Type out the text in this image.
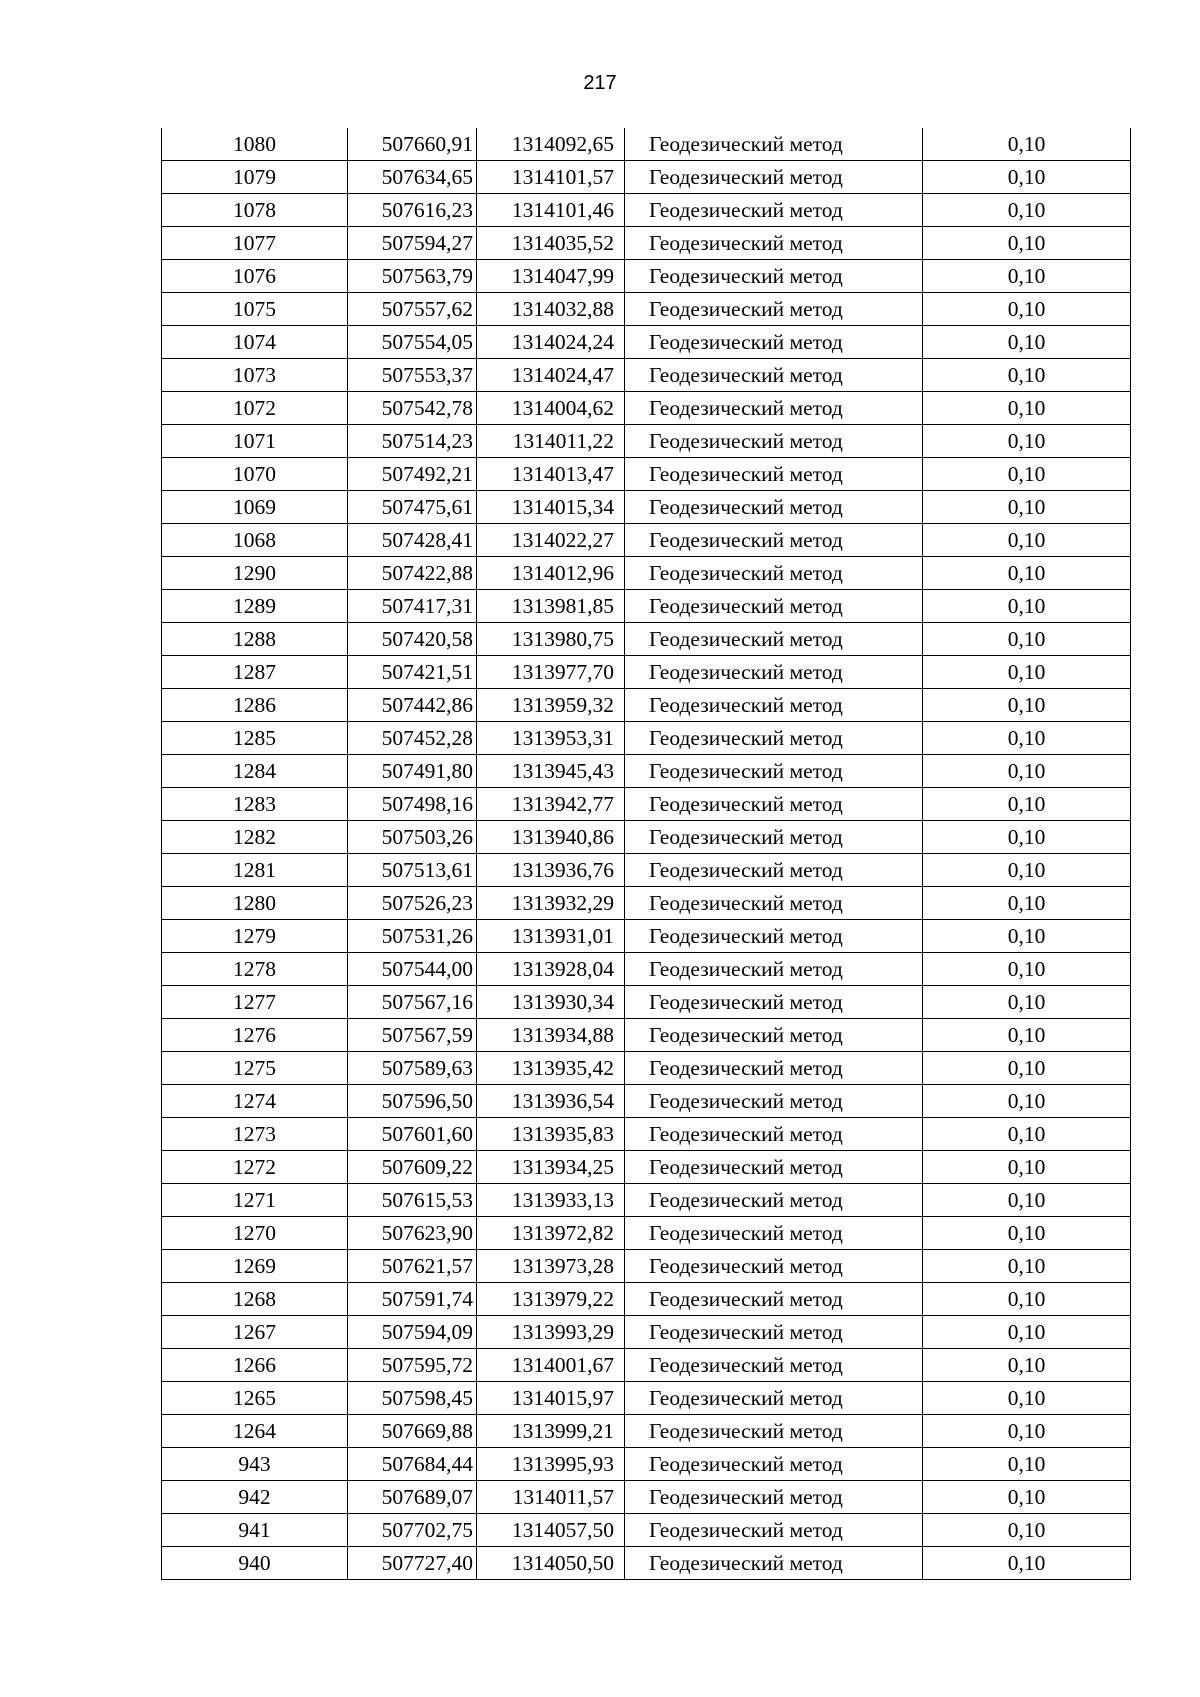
217
1080	507660,91	1314092,65	Геодезический метод	0,10
1079	507634,65	1314101,57	Геодезический метод	0,10
1078	507616,23	1314101,46	Геодезический метод	0,10
1077	507594,27	1314035,52	Геодезический метод	0,10
1076	507563,79	1314047,99	Геодезический метод	0,10
1075	507557,62	1314032,88	Геодезический метод	0,10
1074	507554,05	1314024,24	Геодезический метод	0,10
1073	507553,37	1314024,47	Геодезический метод	0,10
1072	507542,78	1314004,62	Геодезический метод	0,10
1071	507514,23	1314011,22	Геодезический метод	0,10
1070	507492,21	1314013,47	Геодезический метод	0,10
1069	507475,61	1314015,34	Геодезический метод	0,10
1068	507428,41	1314022,27	Геодезический метод	0,10
1290	507422,88	1314012,96	Геодезический метод	0,10
1289	507417,31	1313981,85	Геодезический метод	0,10
1288	507420,58	1313980,75	Геодезический метод	0,10
1287	507421,51	1313977,70	Геодезический метод	0,10
1286	507442,86	1313959,32	Геодезический метод	0,10
1285	507452,28	1313953,31	Геодезический метод	0,10
1284	507491,80	1313945,43	Геодезический метод	0,10
1283	507498,16	1313942,77	Геодезический метод	0,10
1282	507503,26	1313940,86	Геодезический метод	0,10
1281	507513,61	1313936,76	Геодезический метод	0,10
1280	507526,23	1313932,29	Геодезический метод	0,10
1279	507531,26	1313931,01	Геодезический метод	0,10
1278	507544,00	1313928,04	Геодезический метод	0,10
1277	507567,16	1313930,34	Геодезический метод	0,10
1276	507567,59	1313934,88	Геодезический метод	0,10
1275	507589,63	1313935,42	Геодезический метод	0,10
1274	507596,50	1313936,54	Геодезический метод	0,10
1273	507601,60	1313935,83	Геодезический метод	0,10
1272	507609,22	1313934,25	Геодезический метод	0,10
1271	507615,53	1313933,13	Геодезический метод	0,10
1270	507623,90	1313972,82	Геодезический метод	0,10
1269	507621,57	1313973,28	Геодезический метод	0,10
1268	507591,74	1313979,22	Геодезический метод	0,10
1267	507594,09	1313993,29	Геодезический метод	0,10
1266	507595,72	1314001,67	Геодезический метод	0,10
1265	507598,45	1314015,97	Геодезический метод	0,10
1264	507669,88	1313999,21	Геодезический метод	0,10
943	507684,44	1313995,93	Геодезический метод	0,10
942	507689,07	1314011,57	Геодезический метод	0,10
941	507702,75	1314057,50	Геодезический метод	0,10
940	507727,40	1314050,50	Геодезический метод	0,10
